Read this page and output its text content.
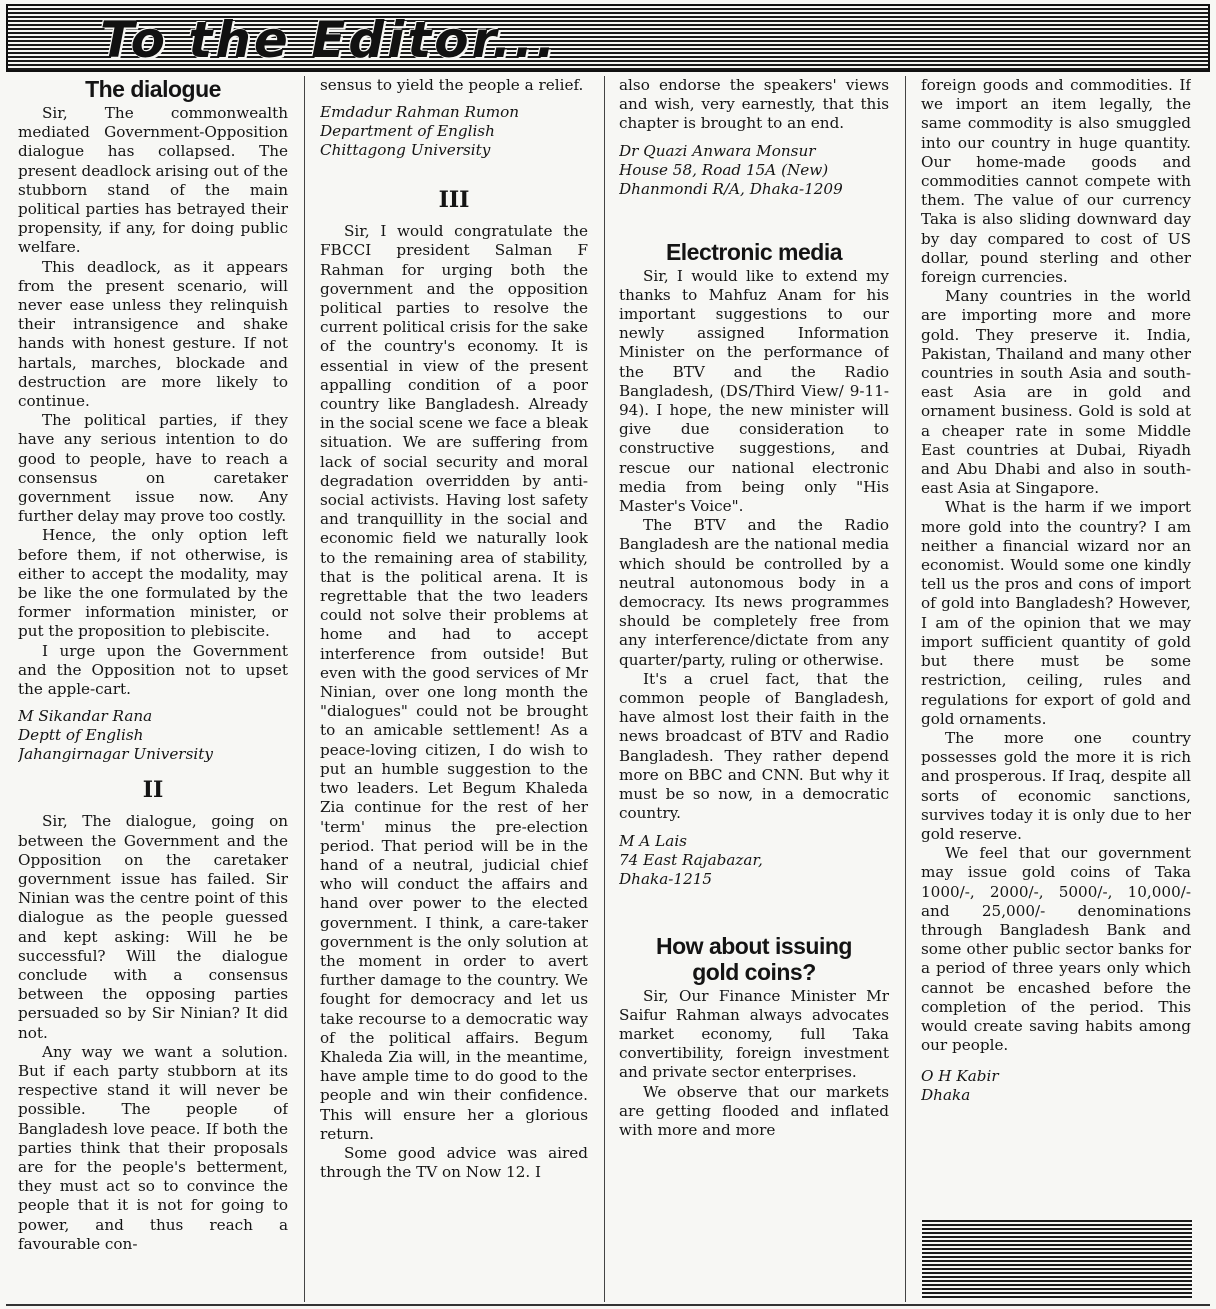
To the Editor...
The dialogue

Sir, The commonwealth mediated Government-Opposition dialogue has collapsed. The present deadlock arising out of the stubborn stand of the main political parties has betrayed their propensity, if any, for doing public welfare.

This deadlock, as it appears from the present scenario, will never ease unless they relinquish their intransigence and shake hands with honest gesture. If not hartals, marches, blockade and destruction are more likely to continue.

The political parties, if they have any serious intention to do good to people, have to reach a consensus on caretaker government issue now. Any further delay may prove too costly.

Hence, the only option left before them, if not otherwise, is either to accept the modality, may be like the one formulated by the former information minister, or put the proposition to plebiscite.

I urge upon the Government and the Opposition not to upset the apple-cart.

M Sikandar Rana
Deptt of English
Jahangirnagar University
II

Sir, The dialogue, going on between the Government and the Opposition on the caretaker government issue has failed. Sir Ninian was the centre point of this dialogue as the people guessed and kept asking: Will he be successful? Will the dialogue conclude with a consensus between the opposing parties persuaded so by Sir Ninian? It did not.

Any way we want a solution. But if each party stubborn at its respective stand it will never be possible. The people of Bangladesh love peace. If both the parties think that their proposals are for the people's betterment, they must act so to convince the people that it is not for going to power, and thus reach a favourable con-

sensus to yield the people a relief.

Emdadur Rahman Rumon
Department of English
Chittagong University
III

Sir, I would congratulate the FBCCI president Salman F Rahman for urging both the government and the opposition political parties to resolve the current political crisis for the sake of the country's economy. It is essential in view of the present appalling condition of a poor country like Bangladesh. Already in the social scene we face a bleak situation. We are suffering from lack of social security and moral degradation overridden by anti-social activists. Having lost safety and tranquillity in the social and economic field we naturally look to the remaining area of stability, that is the political arena. It is regrettable that the two leaders could not solve their problems at home and had to accept interference from outside! But even with the good services of Mr Ninian, over one long month the "dialogues" could not be brought to an amicable settlement! As a peace-loving citizen, I do wish to put an humble suggestion to the two leaders. Let Begum Khaleda Zia continue for the rest of her 'term' minus the pre-election period. That period will be in the hand of a neutral, judicial chief who will conduct the affairs and hand over power to the elected government. I think, a care-taker government is the only solution at the moment in order to avert further damage to the country. We fought for democracy and let us take recourse to a democratic way of the political affairs. Begum Khaleda Zia will, in the meantime, have ample time to do good to the people and win their confidence. This will ensure her a glorious return.

Some good advice was aired through the TV on Now 12. I

also endorse the speakers' views and wish, very earnestly, that this chapter is brought to an end.

Dr Quazi Anwara Monsur
House 58, Road 15A (New)
Dhanmondi R/A, Dhaka-1209
Electronic media

Sir, I would like to extend my thanks to Mahfuz Anam for his important suggestions to our newly assigned Information Minister on the performance of the BTV and the Radio Bangladesh, (DS/Third View/ 9-11-94). I hope, the new minister will give due consideration to constructive suggestions, and rescue our national electronic media from being only "His Master's Voice".

The BTV and the Radio Bangladesh are the national media which should be controlled by a neutral autonomous body in a democracy. Its news programmes should be completely free from any interference/dictate from any quarter/party, ruling or otherwise.

It's a cruel fact, that the common people of Bangladesh, have almost lost their faith in the news broadcast of BTV and Radio Bangladesh. They rather depend more on BBC and CNN. But why it must be so now, in a democratic country.

M A Lais
74 East Rajabazar,
Dhaka-1215
How about issuing
gold coins?

Sir, Our Finance Minister Mr Saifur Rahman always advocates market economy, full Taka convertibility, foreign investment and private sector enterprises.

We observe that our markets are getting flooded and inflated with more and more

foreign goods and commodities. If we import an item legally, the same commodity is also smuggled into our country in huge quantity. Our home-made goods and commodities cannot compete with them. The value of our currency Taka is also sliding downward day by day compared to cost of US dollar, pound sterling and other foreign currencies.

Many countries in the world are importing more and more gold. They preserve it. India, Pakistan, Thailand and many other countries in south Asia and south-east Asia are in gold and ornament business. Gold is sold at a cheaper rate in some Middle East countries at Dubai, Riyadh and Abu Dhabi and also in south-east Asia at Singapore.

What is the harm if we import more gold into the country? I am neither a financial wizard nor an economist. Would some one kindly tell us the pros and cons of import of gold into Bangladesh? However, I am of the opinion that we may import sufficient quantity of gold but there must be some restriction, ceiling, rules and regulations for export of gold and gold ornaments.

The more one country possesses gold the more it is rich and prosperous. If Iraq, despite all sorts of economic sanctions, survives today it is only due to her gold reserve.

We feel that our government may issue gold coins of Taka 1000/-, 2000/-, 5000/-, 10,000/- and 25,000/- denominations through Bangladesh Bank and some other public sector banks for a period of three years only which cannot be encashed before the completion of the period. This would create saving habits among our people.

O H Kabir
Dhaka
